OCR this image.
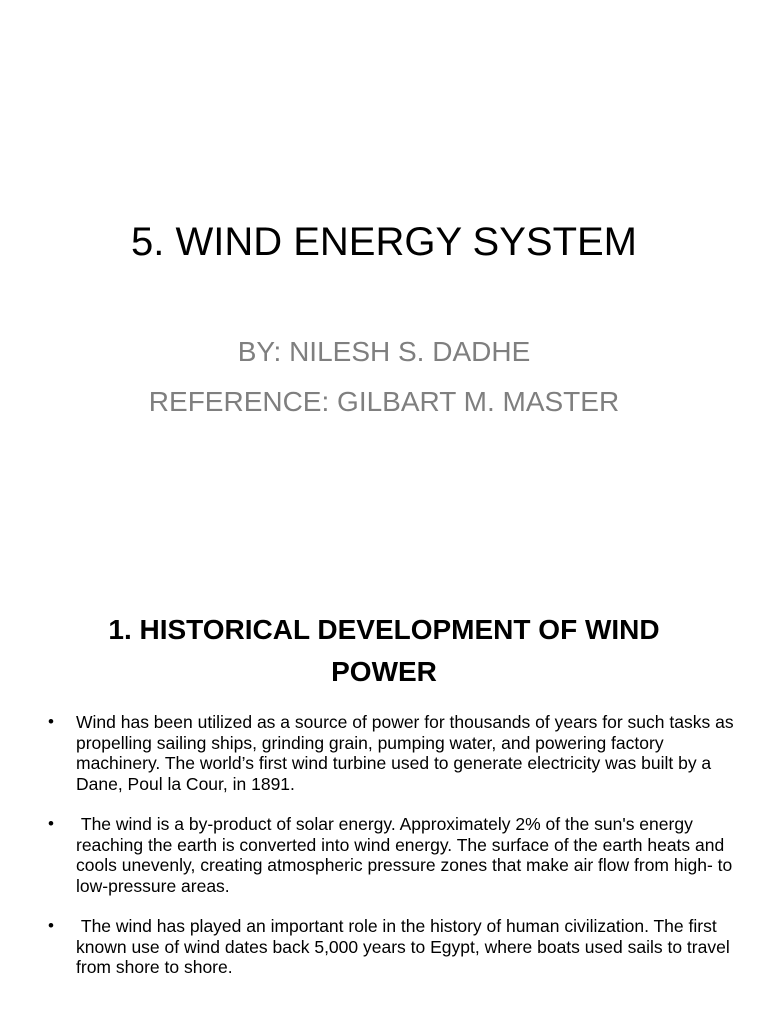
5. WIND ENERGY SYSTEM
BY: NILESH S. DADHE
REFERENCE: GILBART M. MASTER
1. HISTORICAL DEVELOPMENT OF WIND POWER
•	Wind has been utilized as a source of power for thousands of years for such tasks as propelling sailing ships, grinding grain, pumping water, and powering factory machinery. The world’s first wind turbine used to generate electricity was built by a Dane, Poul la Cour, in 1891.
•	The wind is a by-product of solar energy. Approximately 2% of the sun's energy reaching the earth is converted into wind energy. The surface of the earth heats and cools unevenly, creating atmospheric pressure zones that make air flow from high- to low-pressure areas.
•	The wind has played an important role in the history of human civilization. The first known use of wind dates back 5,000 years to Egypt, where boats used sails to travel from shore to shore.
